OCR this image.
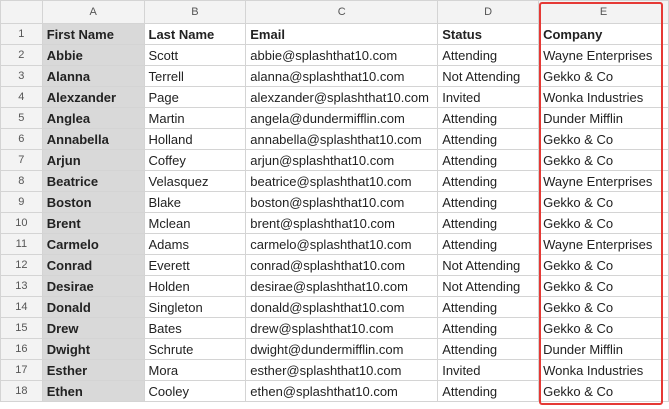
	A	B	C	D	E
1	First Name	Last Name	Email	Status	Company
2	Abbie	Scott	abbie@splashthat10.com	Attending	Wayne Enterprises
3	Alanna	Terrell	alanna@splashthat10.com	Not Attending	Gekko & Co
4	Alexzander	Page	alexzander@splashthat10.com	Invited	Wonka Industries
5	Anglea	Martin	angela@dundermifflin.com	Attending	Dunder Mifflin
6	Annabella	Holland	annabella@splashthat10.com	Attending	Gekko & Co
7	Arjun	Coffey	arjun@splashthat10.com	Attending	Gekko & Co
8	Beatrice	Velasquez	beatrice@splashthat10.com	Attending	Wayne Enterprises
9	Boston	Blake	boston@splashthat10.com	Attending	Gekko & Co
10	Brent	Mclean	brent@splashthat10.com	Attending	Gekko & Co
11	Carmelo	Adams	carmelo@splashthat10.com	Attending	Wayne Enterprises
12	Conrad	Everett	conrad@splashthat10.com	Not Attending	Gekko & Co
13	Desirae	Holden	desirae@splashthat10.com	Not Attending	Gekko & Co
14	Donald	Singleton	donald@splashthat10.com	Attending	Gekko & Co
15	Drew	Bates	drew@splashthat10.com	Attending	Gekko & Co
16	Dwight	Schrute	dwight@dundermifflin.com	Attending	Dunder Mifflin
17	Esther	Mora	esther@splashthat10.com	Invited	Wonka Industries
18	Ethen	Cooley	ethen@splashthat10.com	Attending	Gekko & Co
